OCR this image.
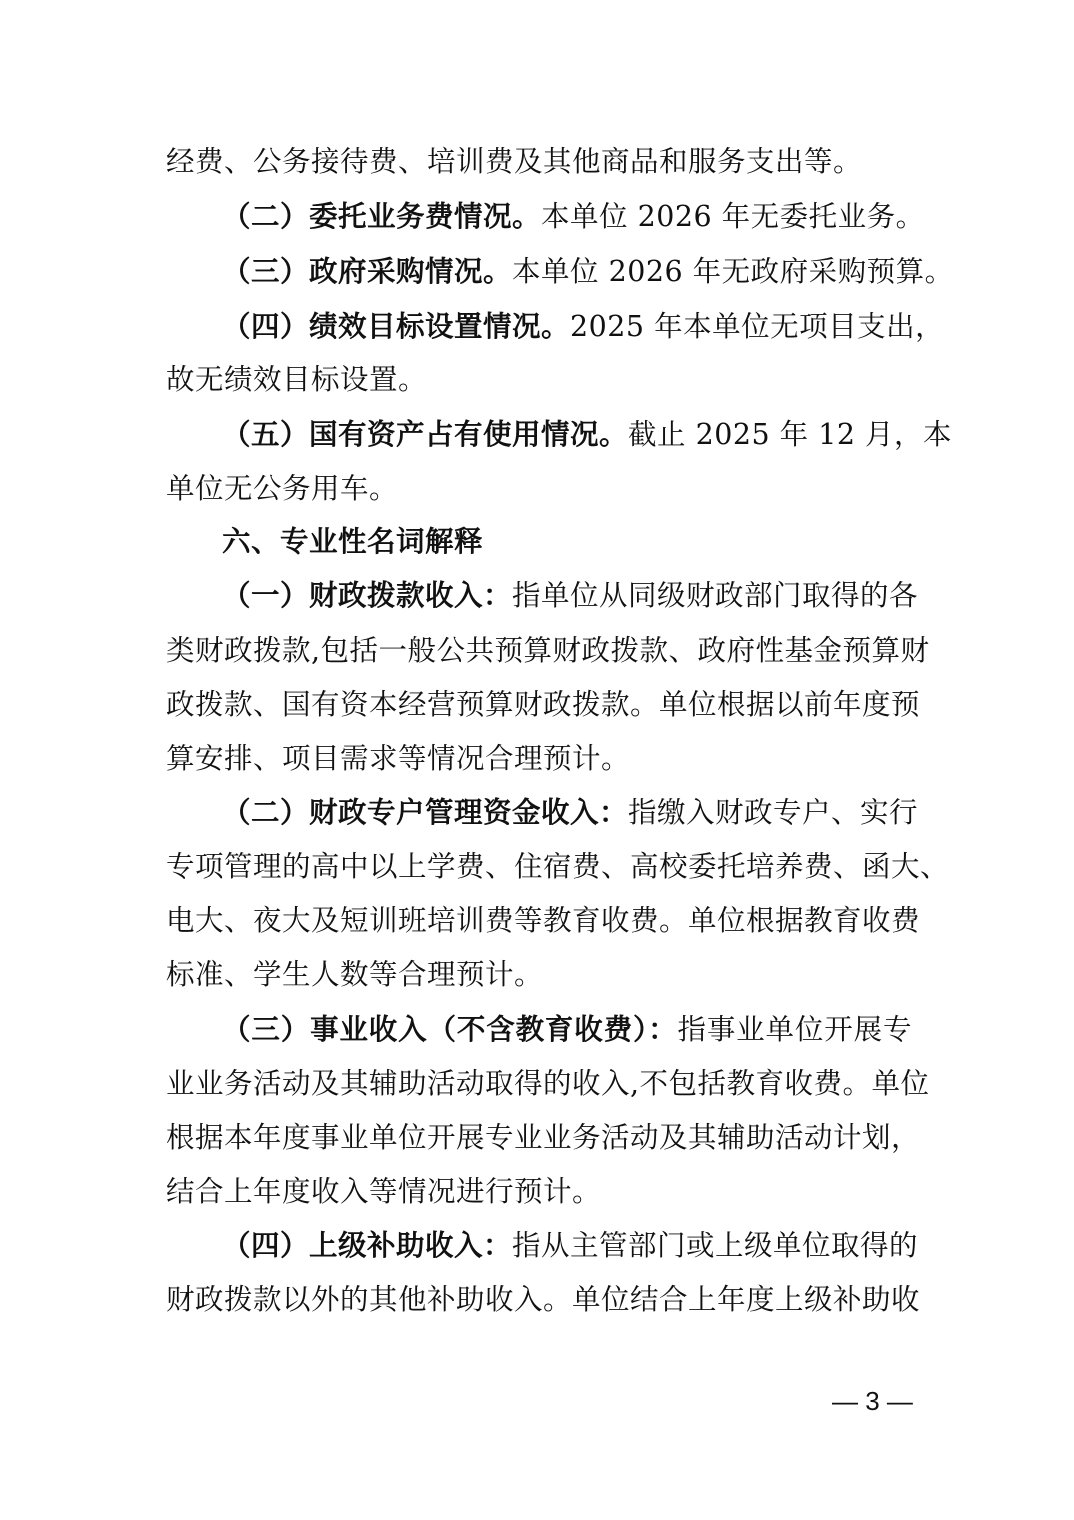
经费、公务接待费、培训费及其他商品和服务支出等。
（二）委托业务费情况。本单位 2026 年无委托业务。
（三）政府采购情况。本单位 2026 年无政府采购预算。
（四）绩效目标设置情况。2025 年本单位无项目支出，
故无绩效目标设置。
（五）国有资产占有使用情况。截止 2025 年 12 月，本
单位无公务用车。
六、专业性名词解释
（一）财政拨款收入：指单位从同级财政部门取得的各
类财政拨款,包括一般公共预算财政拨款、政府性基金预算财
政拨款、国有资本经营预算财政拨款。单位根据以前年度预
算安排、项目需求等情况合理预计。
（二）财政专户管理资金收入：指缴入财政专户、实行
专项管理的高中以上学费、住宿费、高校委托培养费、函大、
电大、夜大及短训班培训费等教育收费。单位根据教育收费
标准、学生人数等合理预计。
（三）事业收入（不含教育收费）：指事业单位开展专
业业务活动及其辅助活动取得的收入,不包括教育收费。单位
根据本年度事业单位开展专业业务活动及其辅助活动计划，
结合上年度收入等情况进行预计。
（四）上级补助收入：指从主管部门或上级单位取得的
财政拨款以外的其他补助收入。单位结合上年度上级补助收
— 3 —
